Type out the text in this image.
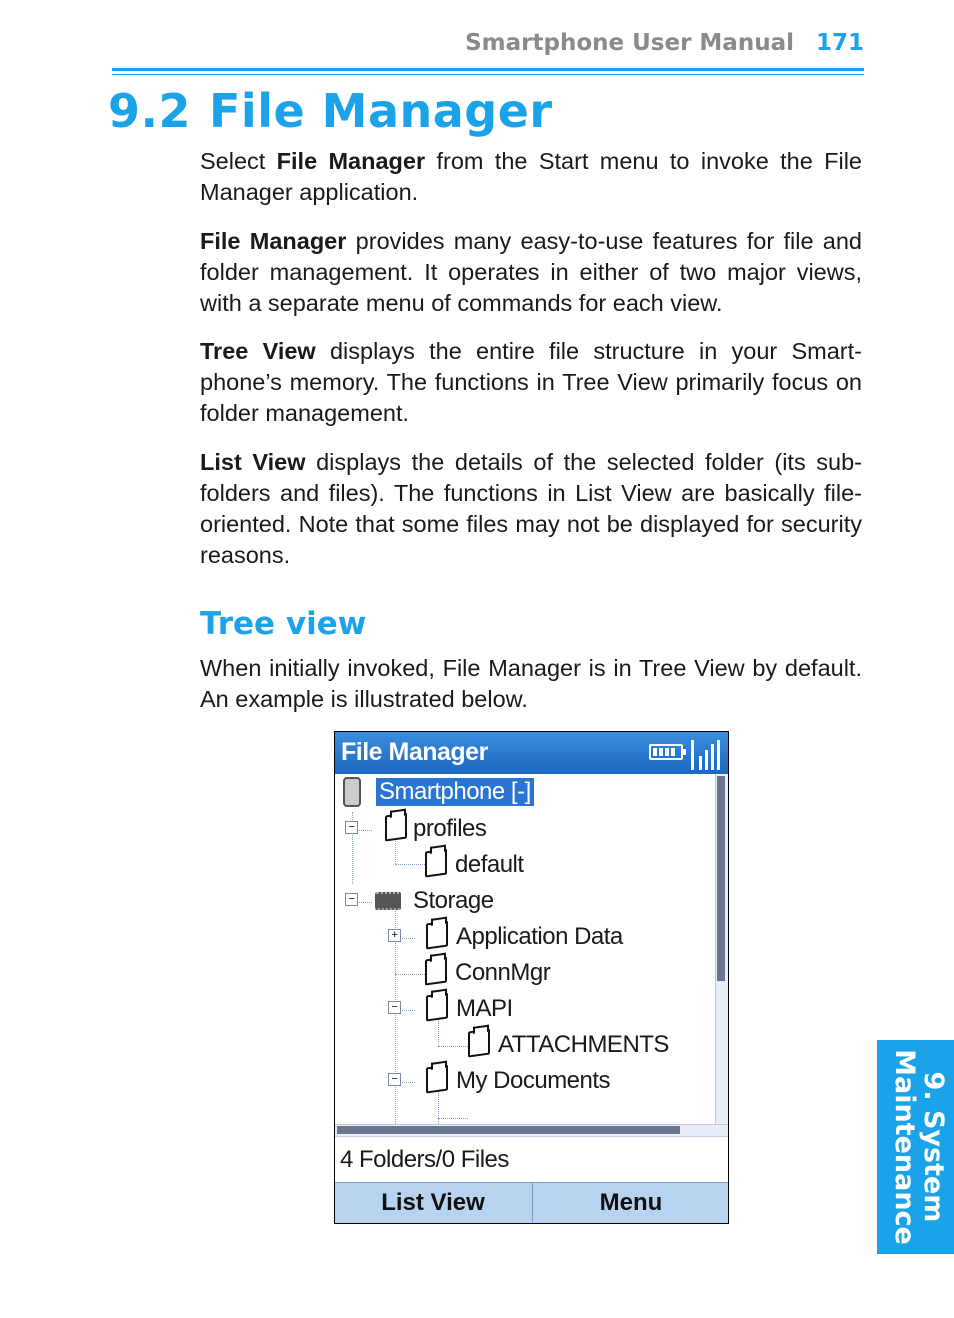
Smartphone User Manual 171
9.2 File Manager

Select File Manager from the Start menu to invoke the File Manager application.

File Manager provides many easy-to-use features for file and folder management. It operates in either of two major views, with a separate menu of commands for each view.

Tree View displays the entire file structure in your Smart-phone’s memory. The functions in Tree View primarily focus on folder management.

List View displays the details of the selected folder (its sub-folders and files). The functions in List View are basically file-oriented. Note that some files may not be displayed for security reasons.

Tree view

When initially invoked, File Manager is in Tree View by default. An example is illustrated below.

File Manager
Smartphone [-]
− profiles
default
− Storage
+ Application Data
ConnMgr
− MAPI
ATTACHMENTS
− My Documents
4 Folders/0 Files
List View	Menu	9. System
Maintenance
